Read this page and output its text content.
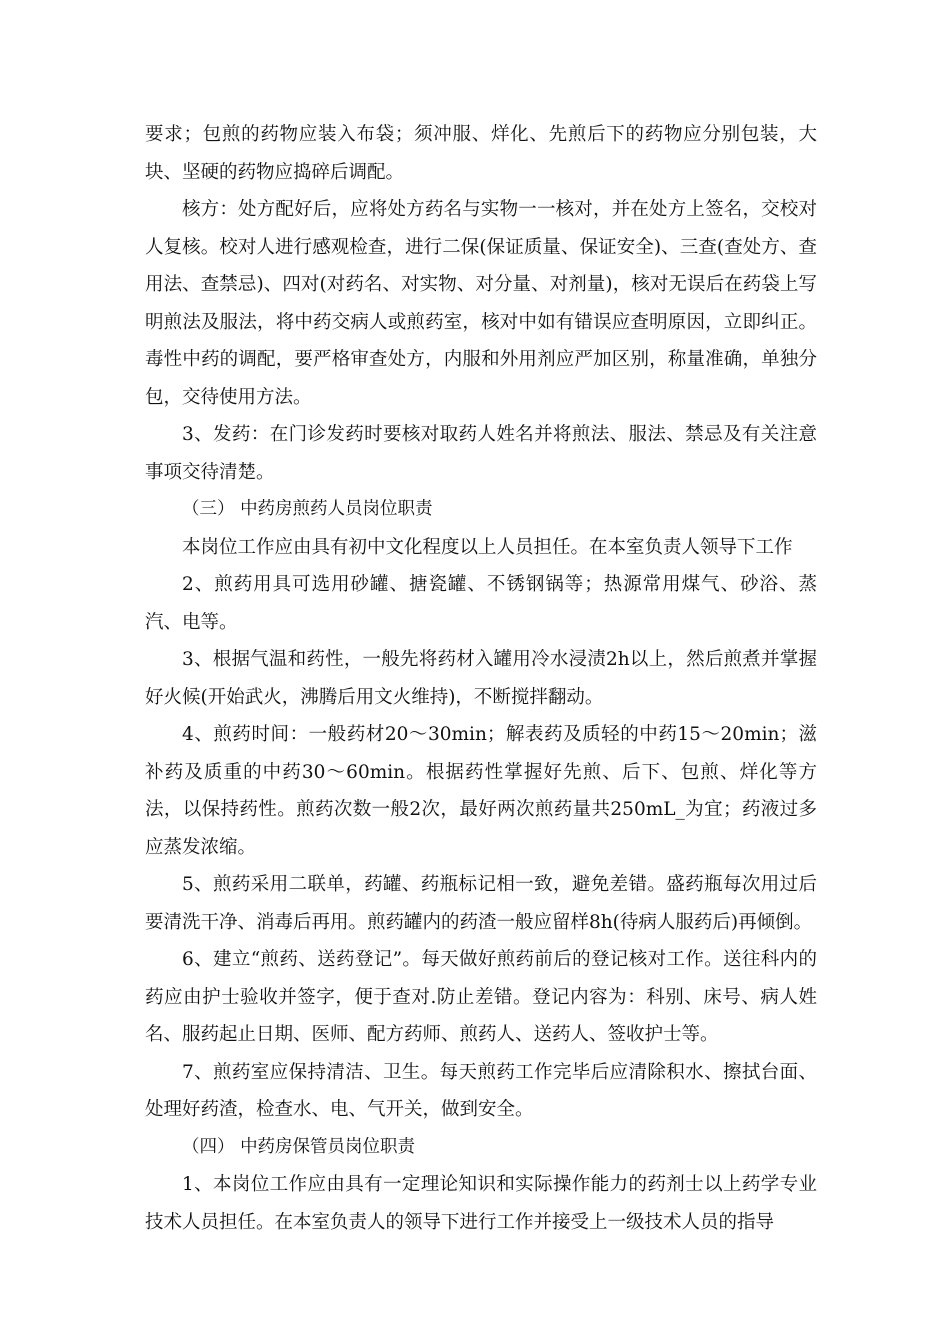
要求；包煎的药物应装入布袋；须冲服、烊化、先煎后下的药物应分别包装，大块、坚硬的药物应捣碎后调配。

核方：处方配好后，应将处方药名与实物一一核对，并在处方上签名，交校对人复核。校对人进行感观检查，进行二保(保证质量、保证安全)、三查(查处方、查用法、查禁忌)、四对(对药名、对实物、对分量、对剂量)，核对无误后在药袋上写明煎法及服法，将中药交病人或煎药室，核对中如有错误应查明原因，立即纠正。毒性中药的调配，要严格审查处方，内服和外用剂应严加区别，称量准确，单独分包，交待使用方法。

3、发药：在门诊发药时要核对取药人姓名并将煎法、服法、禁忌及有关注意事项交待清楚。

（三） 中药房煎药人员岗位职责

本岗位工作应由具有初中文化程度以上人员担任。在本室负责人领导下工作

2、煎药用具可选用砂罐、搪瓷罐、不锈钢锅等；热源常用煤气、砂浴、蒸汽、电等。

3、根据气温和药性，一般先将药材入罐用冷水浸渍2h以上，然后煎煮并掌握好火候(开始武火，沸腾后用文火维持)，不断搅拌翻动。

4、煎药时间：一般药材20～30min；解表药及质轻的中药15～20min；滋补药及质重的中药30～60min。根据药性掌握好先煎、后下、包煎、烊化等方法，以保持药性。煎药次数一般2次，最好两次煎药量共250mL_为宜；药液过多应蒸发浓缩。

5、煎药采用二联单，药罐、药瓶标记相一致，避免差错。盛药瓶每次用过后要清洗干净、消毒后再用。煎药罐内的药渣一般应留样8h(待病人服药后)再倾倒。

6、建立“煎药、送药登记”。每天做好煎药前后的登记核对工作。送往科内的药应由护士验收并签字，便于查对.防止差错。登记内容为：科别、床号、病人姓名、服药起止日期、医师、配方药师、煎药人、送药人、签收护士等。

7、煎药室应保持清洁、卫生。每天煎药工作完毕后应清除积水、擦拭台面、处理好药渣，检查水、电、气开关，做到安全。

（四） 中药房保管员岗位职责

1、本岗位工作应由具有一定理论知识和实际操作能力的药剂士以上药学专业技术人员担任。在本室负责人的领导下进行工作并接受上一级技术人员的指导
